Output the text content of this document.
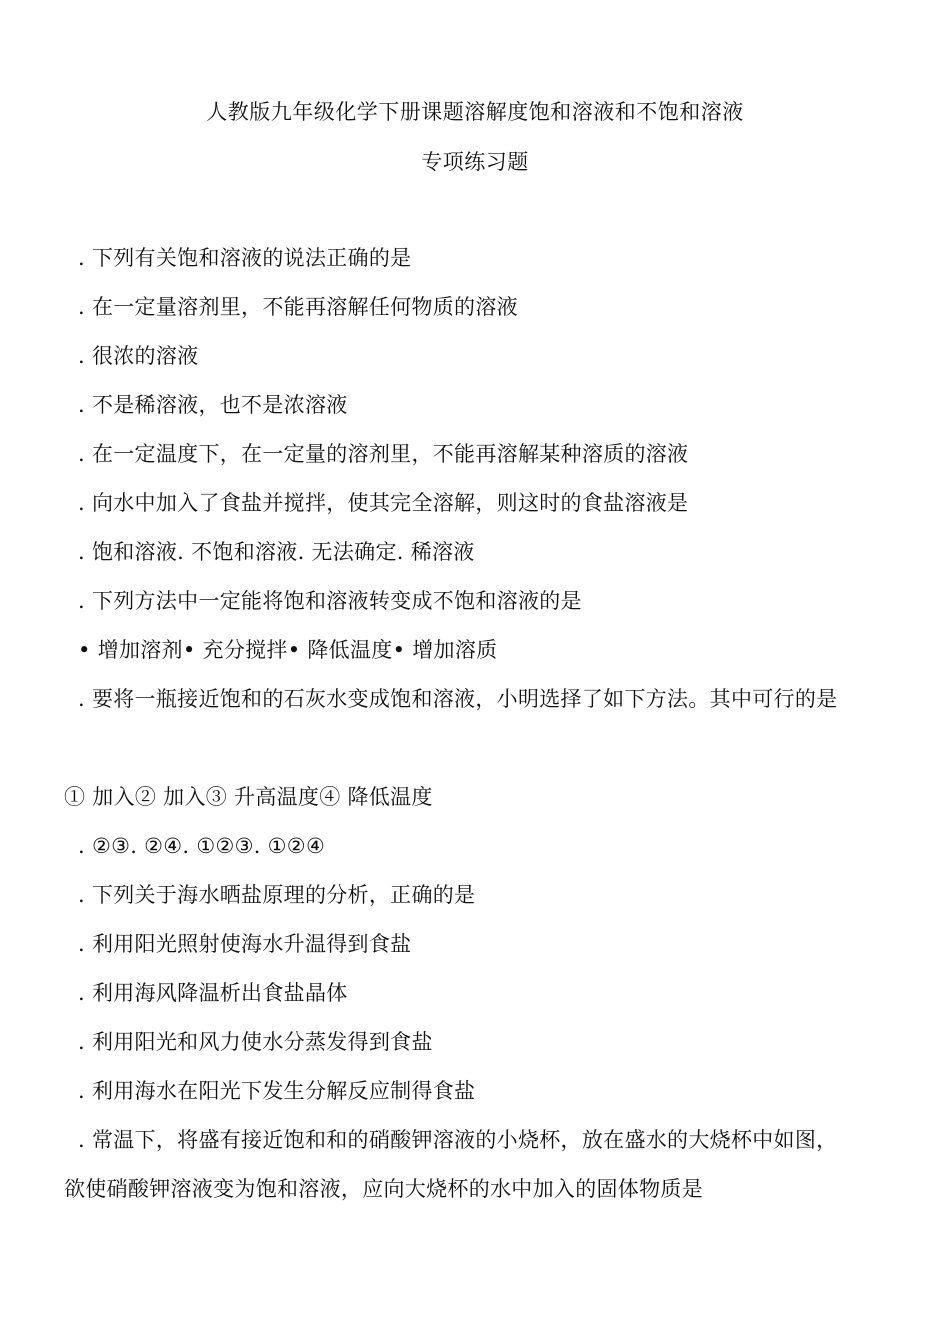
人教版九年级化学下册课题溶解度饱和溶液和不饱和溶液
专项练习题
. 下列有关饱和溶液的说法正确的是
. 在一定量溶剂里，不能再溶解任何物质的溶液
. 很浓的溶液
. 不是稀溶液，也不是浓溶液
. 在一定温度下，在一定量的溶剂里，不能再溶解某种溶质的溶液
. 向水中加入了食盐并搅拌，使其完全溶解，则这时的食盐溶液是
. 饱和溶液. 不饱和溶液. 无法确定. 稀溶液
. 下列方法中一定能将饱和溶液转变成不饱和溶液的是
• 增加溶剂• 充分搅拌• 降低温度• 增加溶质
. 要将一瓶接近饱和的石灰水变成饱和溶液，小明选择了如下方法。其中可行的是
① 加入② 加入③ 升高温度④ 降低温度
. ②③. ②④. ①②③. ①②④
. 下列关于海水晒盐原理的分析，正确的是
. 利用阳光照射使海水升温得到食盐
. 利用海风降温析出食盐晶体
. 利用阳光和风力使水分蒸发得到食盐
. 利用海水在阳光下发生分解反应制得食盐
. 常温下，将盛有接近饱和和的硝酸钾溶液的小烧杯，放在盛水的大烧杯中如图，
欲使硝酸钾溶液变为饱和溶液，应向大烧杯的水中加入的固体物质是
